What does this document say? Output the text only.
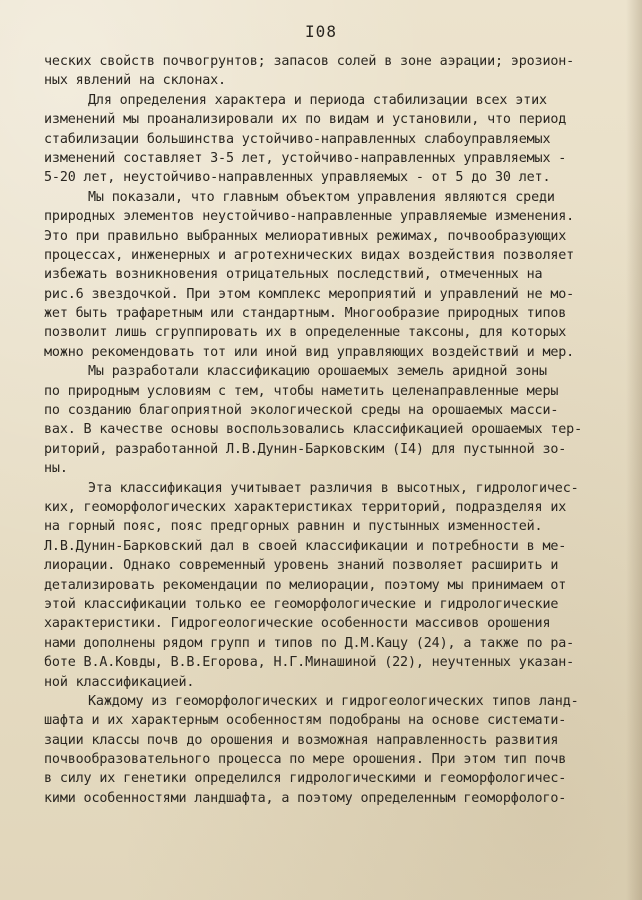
I08
ческих свойств почвогрунтов; запасов солей в зоне аэрации; эрозион-
ных явлений на склонах.
Для определения характера и периода стабилизации всех этих
изменений мы проанализировали их по видам и установили, что период
стабилизации большинства устойчиво-направленных слабоуправляемых
изменений составляет 3-5 лет, устойчиво-направленных управляемых -
5-20 лет, неустойчиво-направленных управляемых - от 5 до 30 лет.
Мы показали, что главным объектом управления являются среди
природных элементов неустойчиво-направленные управляемые изменения.
Это при правильно выбранных мелиоративных режимах, почвообразующих
процессах, инженерных и агротехнических видах воздействия позволяет
избежать возникновения отрицательных последствий, отмеченных на
рис.6 звездочкой. При этом комплекс мероприятий и управлений не мо-
жет быть трафаретным или стандартным. Многообразие природных типов
позволит лишь сгруппировать их в определенные таксоны, для которых
можно рекомендовать тот или иной вид управляющих воздействий и мер.
Мы разработали классификацию орошаемых земель аридной зоны
по природным условиям с тем, чтобы наметить целенаправленные меры
по созданию благоприятной экологической среды на орошаемых масси-
вах. В качестве основы воспользовались классификацией орошаемых тер-
риторий, разработанной Л.В.Дунин-Барковским (I4) для пустынной зо-
ны.
Эта классификация учитывает различия в высотных, гидрологичес-
ких, геоморфологических характеристиках территорий, подразделяя их
на горный пояс, пояс предгорных равнин и пустынных изменностей.
Л.В.Дунин-Барковский дал в своей классификации и потребности в ме-
лиорации. Однако современный уровень знаний позволяет расширить и
детализировать рекомендации по мелиорации, поэтому мы принимаем от
этой классификации только ее геоморфологические и гидрологические
характеристики. Гидрогеологические особенности массивов орошения
нами дополнены рядом групп и типов по Д.М.Кацу (24), а также по ра-
боте В.А.Ковды, В.В.Егорова, Н.Г.Минашиной (22), неучтенных указан-
ной классификацией.
Каждому из геоморфологических и гидрогеологических типов ланд-
шафта и их характерным особенностям подобраны на основе системати-
зации классы почв до орошения и возможная направленность развития
почвообразовательного процесса по мере орошения. При этом тип почв
в силу их генетики определился гидрологическими и геоморфологичес-
кими особенностями ландшафта, а поэтому определенным геоморфолого-
